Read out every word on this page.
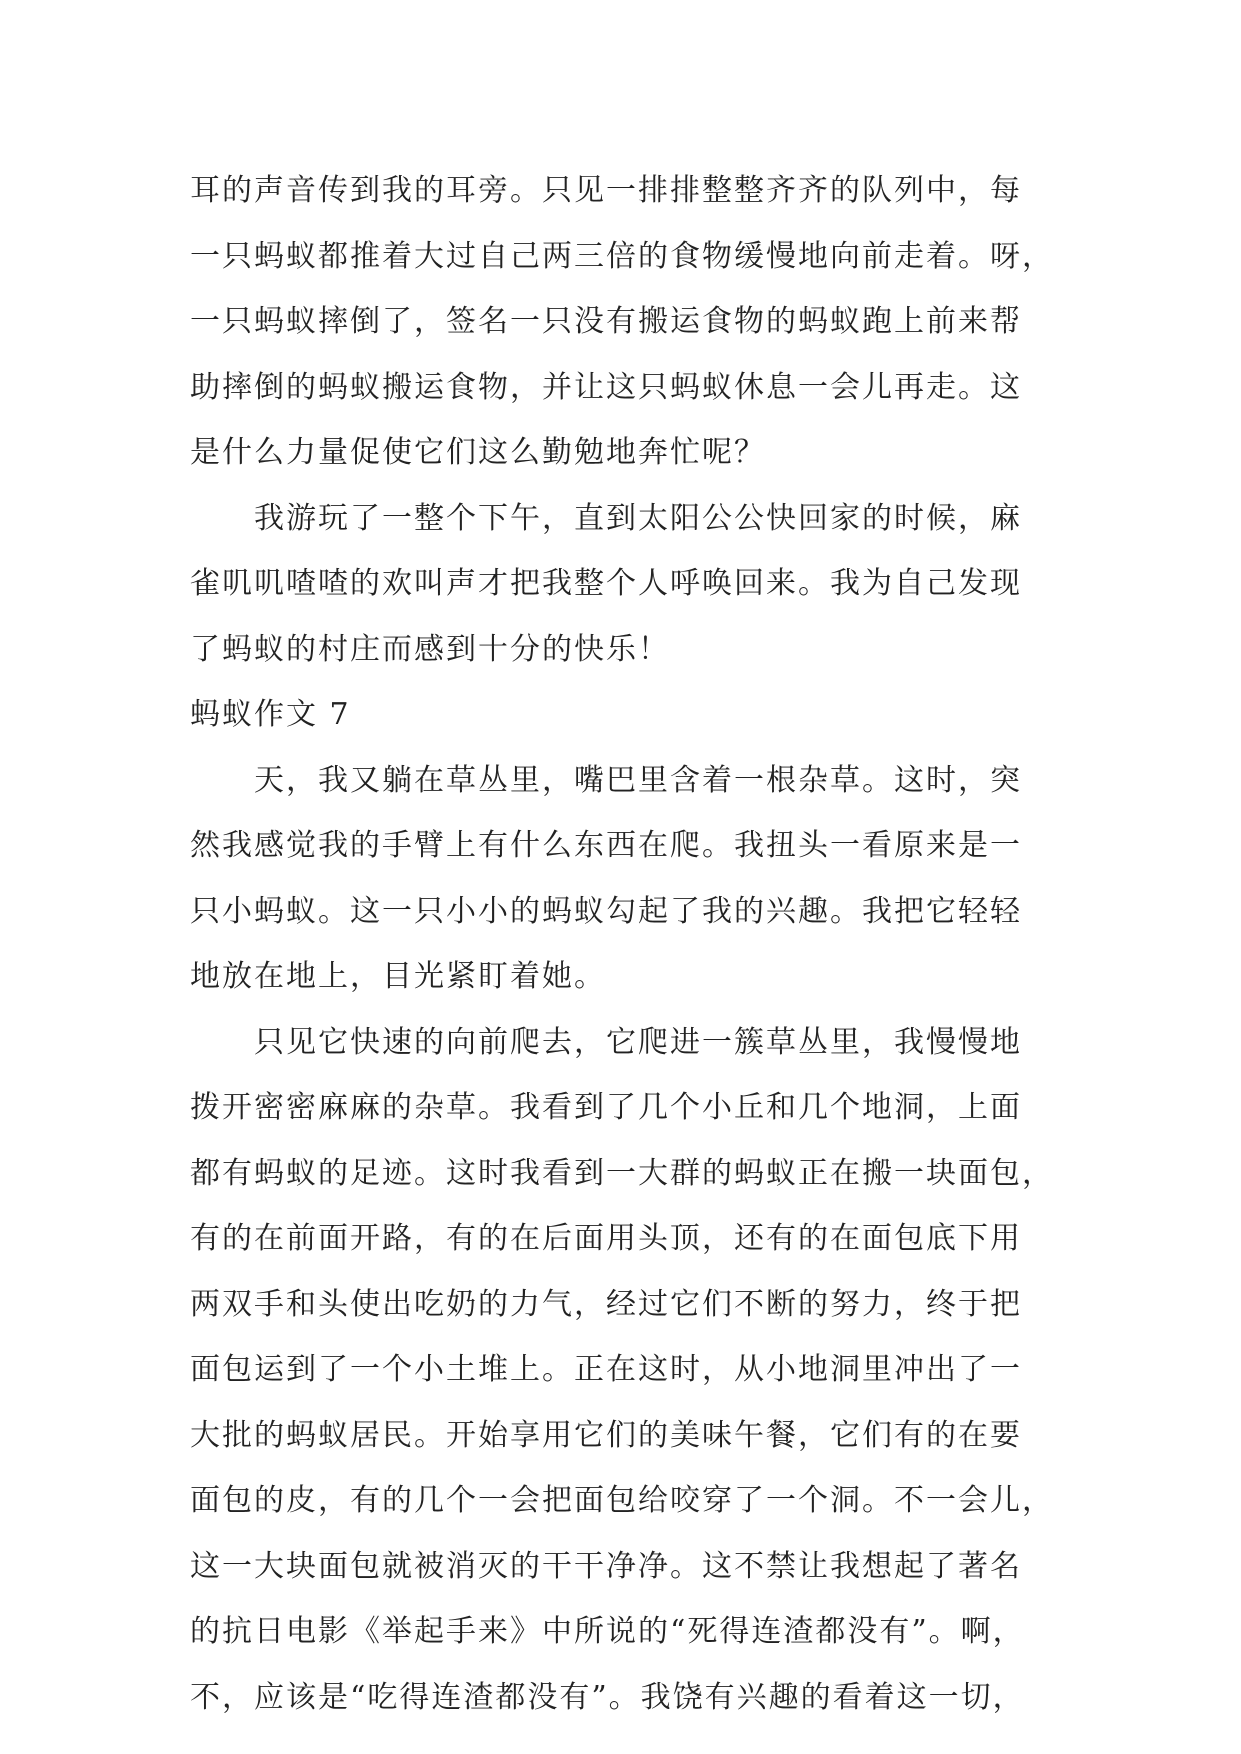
耳的声音传到我的耳旁。只见一排排整整齐齐的队列中，每
一只蚂蚁都推着大过自己两三倍的食物缓慢地向前走着。呀，
一只蚂蚁摔倒了，签名一只没有搬运食物的蚂蚁跑上前来帮
助摔倒的蚂蚁搬运食物，并让这只蚂蚁休息一会儿再走。这
是什么力量促使它们这么勤勉地奔忙呢？
我游玩了一整个下午，直到太阳公公快回家的时候，麻
雀叽叽喳喳的欢叫声才把我整个人呼唤回来。我为自己发现
了蚂蚁的村庄而感到十分的快乐！
蚂蚁作文 7
天，我又躺在草丛里，嘴巴里含着一根杂草。这时，突
然我感觉我的手臂上有什么东西在爬。我扭头一看原来是一
只小蚂蚁。这一只小小的蚂蚁勾起了我的兴趣。我把它轻轻
地放在地上，目光紧盯着她。
只见它快速的向前爬去，它爬进一簇草丛里，我慢慢地
拨开密密麻麻的杂草。我看到了几个小丘和几个地洞，上面
都有蚂蚁的足迹。这时我看到一大群的蚂蚁正在搬一块面包，
有的在前面开路，有的在后面用头顶，还有的在面包底下用
两双手和头使出吃奶的力气，经过它们不断的努力，终于把
面包运到了一个小土堆上。正在这时，从小地洞里冲出了一
大批的蚂蚁居民。开始享用它们的美味午餐，它们有的在要
面包的皮，有的几个一会把面包给咬穿了一个洞。不一会儿，
这一大块面包就被消灭的干干净净。这不禁让我想起了著名
的抗日电影《举起手来》中所说的“死得连渣都没有”。啊，
不，应该是“吃得连渣都没有”。我饶有兴趣的看着这一切，
